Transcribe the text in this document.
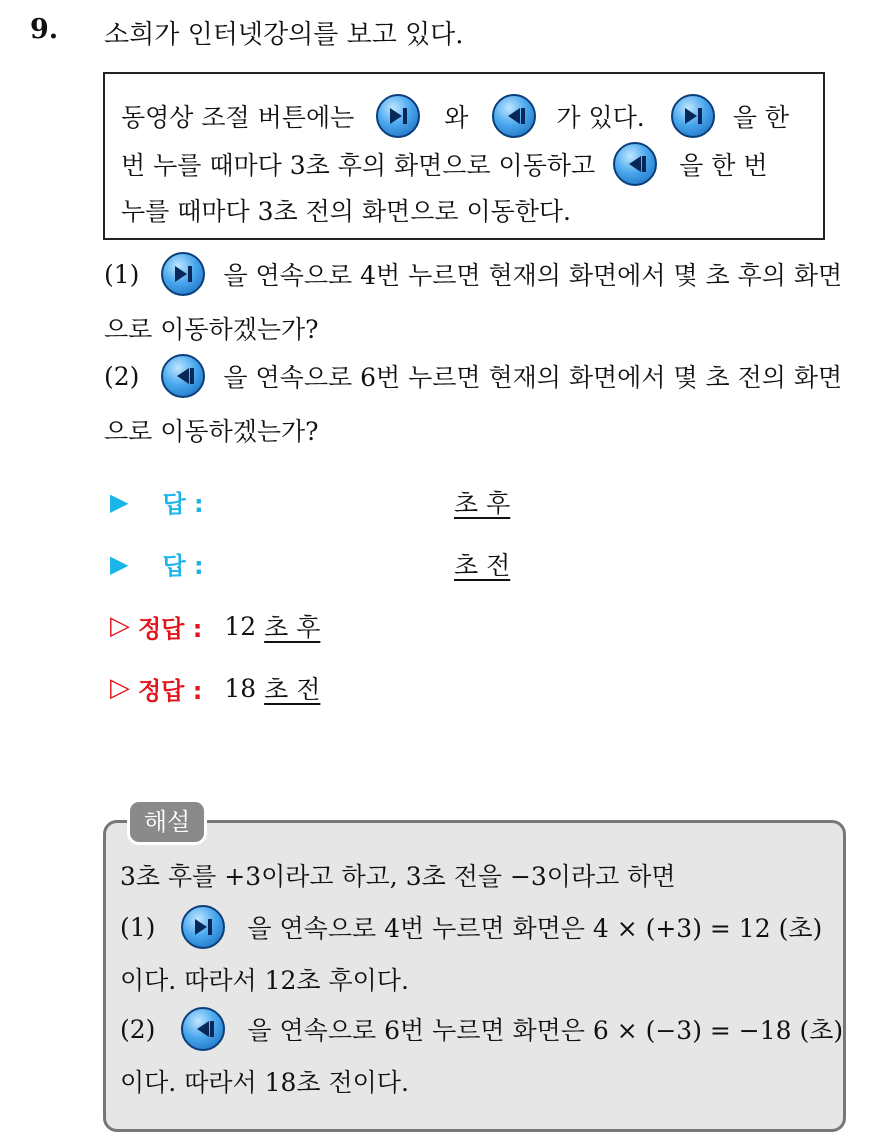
9. 소희가 인터넷강의를 보고 있다.
동영상 조절 버튼에는	와	가 있다.	을 한
번 누를 때마다 3초 후의 화면으로 이동하고	을 한 번
누를 때마다 3초 전의 화면으로 이동한다.
(1)	을 연속으로 4번 누르면 현재의 화면에서 몇 초 후의 화면
으로 이동하겠는가?
(2)	을 연속으로 6번 누르면 현재의 화면에서 몇 초 전의 화면
으로 이동하겠는가?
▶ 답 :	초 후
▶ 답 :	초 전
▷ 정답 : 12 초 후
▷ 정답 : 18 초 전
3초 후를 +3이라고 하고, 3초 전을 −3이라고 하면
(1)	을 연속으로 4번 누르면 화면은 4 × (+3) = 12 (초)
이다. 따라서 12초 후이다.
(2)	을 연속으로 6번 누르면 화면은 6 × (−3) = −18 (초)
이다. 따라서 18초 전이다.
해설
